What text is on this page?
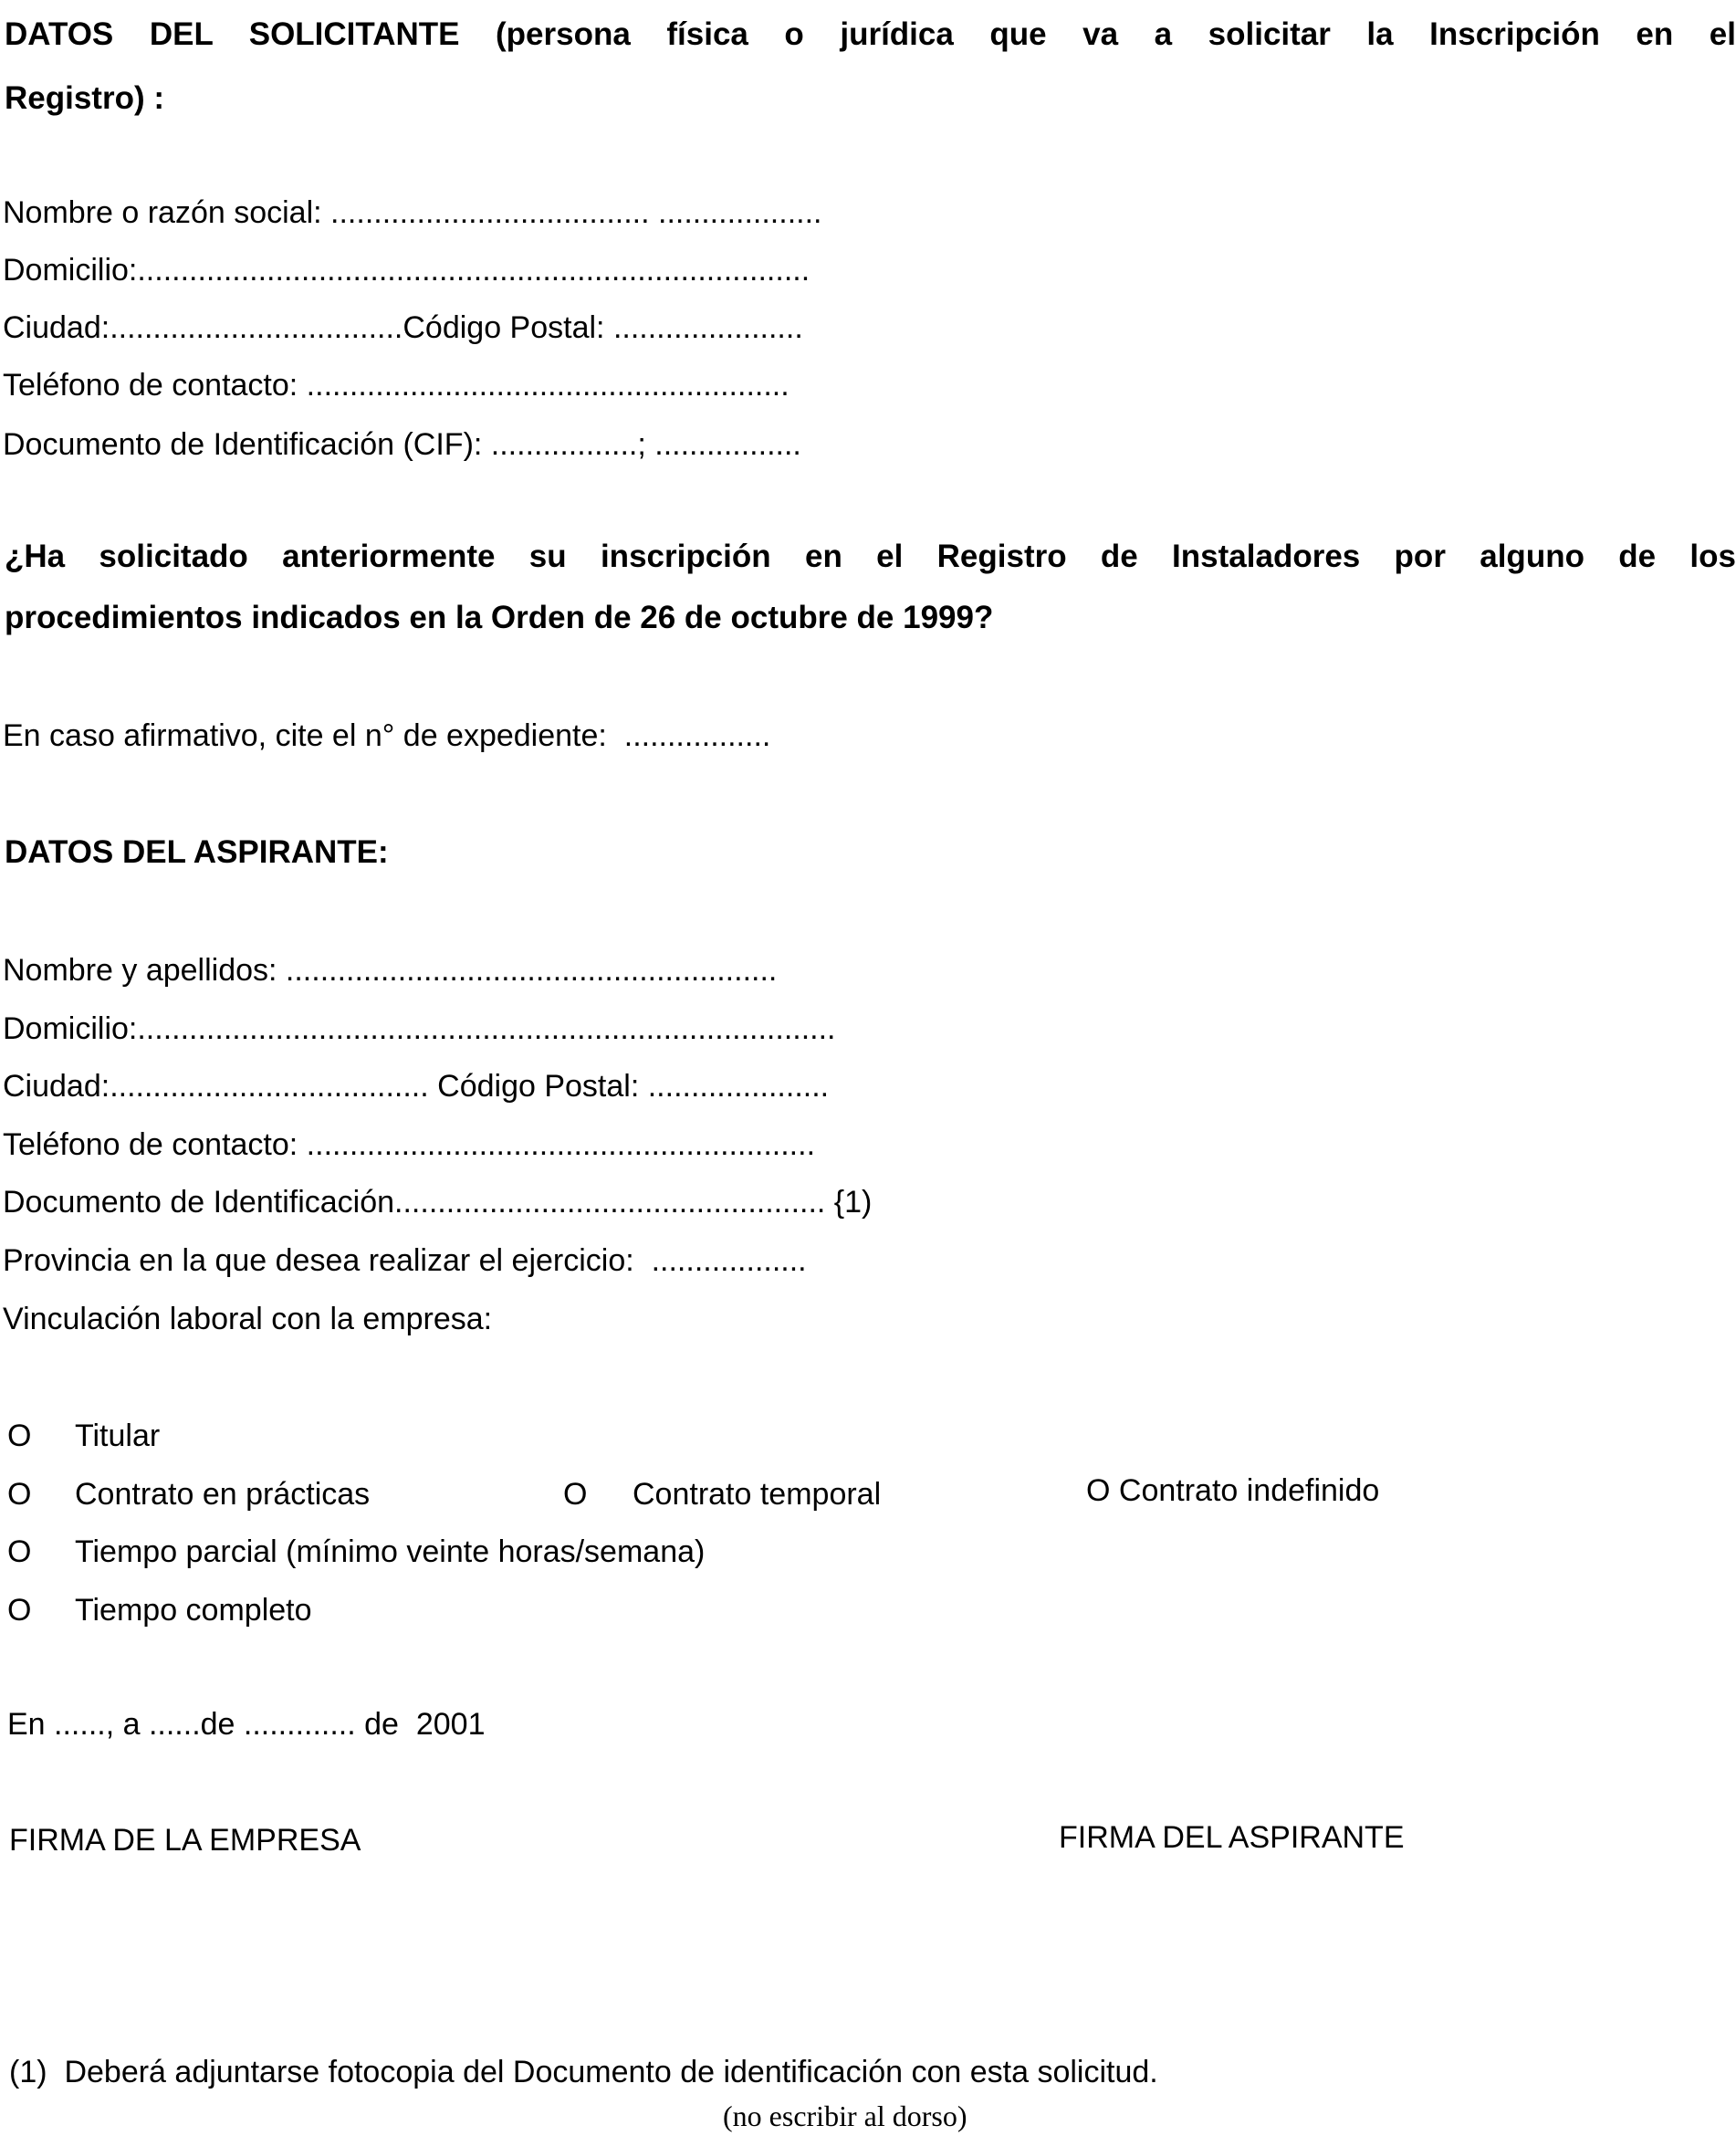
DATOS DEL SOLICITANTE (persona física o jurídica que va a solicitar la Inscripción en el
Registro) :
Nombre o razón social: ..................................... ...................
Domicilio:..............................................................................
Ciudad:..................................Código Postal: ......................
Teléfono de contacto: ........................................................
Documento de Identificación (CIF): .................; .................
¿Ha solicitado anteriormente su inscripción en el Registro de Instaladores por alguno de los
procedimientos indicados en la Orden de 26 de octubre de 1999?
En caso afirmativo, cite el n° de expediente:  .................
DATOS DEL ASPIRANTE:
Nombre y apellidos: .........................................................
Domicilio:.................................................................................
Ciudad:..................................... Código Postal: .....................
Teléfono de contacto: ...........................................................
Documento de Identificación.................................................. {1)
Provincia en la que desea realizar el ejercicio:  ..................
Vinculación laboral con la empresa:
O Titular
O Contrato en prácticas	O Contrato temporal	O Contrato indefinido
O Tiempo parcial (mínimo veinte horas/semana)
O Tiempo completo
En ......, a ......de ............. de  2001
FIRMA DE LA EMPRESA	FIRMA DEL ASPIRANTE
(1)  Deberá adjuntarse fotocopia del Documento de identificación con esta solicitud.
(no escribir al dorso)
